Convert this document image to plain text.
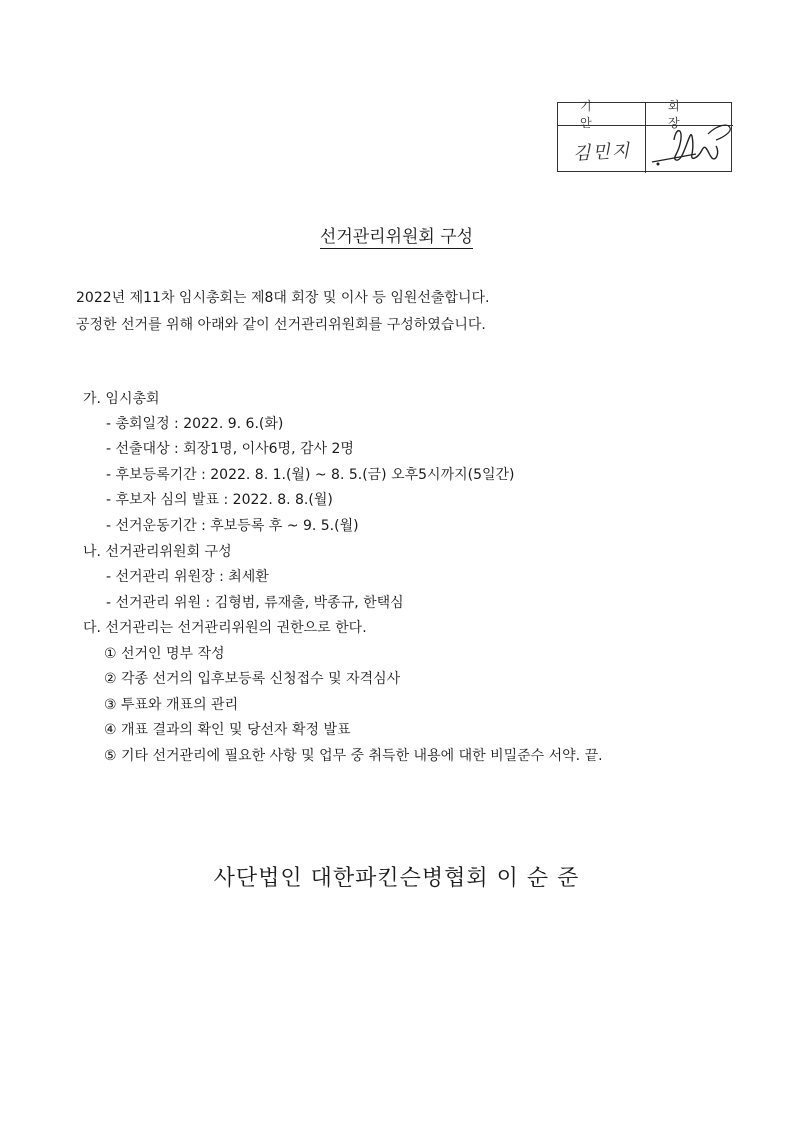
기 안
회 장
김민지
선거관리위원회 구성
2022년 제11차 임시총회는 제8대 회장 및 이사 등 임원선출합니다.
공정한 선거를 위해 아래와 같이 선거관리위원회를 구성하였습니다.
가. 임시총회
- 총회일정 : 2022. 9. 6.(화)
- 선출대상 : 회장1명, 이사6명, 감사 2명
- 후보등록기간 : 2022. 8. 1.(월) ~ 8. 5.(금) 오후5시까지(5일간)
- 후보자 심의 발표 : 2022. 8. 8.(월)
- 선거운동기간 : 후보등록 후 ~ 9. 5.(월)
나. 선거관리위원회 구성
- 선거관리 위원장 : 최세환
- 선거관리 위원 : 김형범, 류재출, 박종규, 한택심
다. 선거관리는 선거관리위원의 권한으로 한다.
① 선거인 명부 작성
② 각종 선거의 입후보등록 신청접수 및 자격심사
③ 투표와 개표의 관리
④ 개표 결과의 확인 및 당선자 확정 발표
⑤ 기타 선거관리에 필요한 사항 및 업무 중 취득한 내용에 대한 비밀준수 서약. 끝.
사단법인 대한파킨슨병협회 이 순 준
